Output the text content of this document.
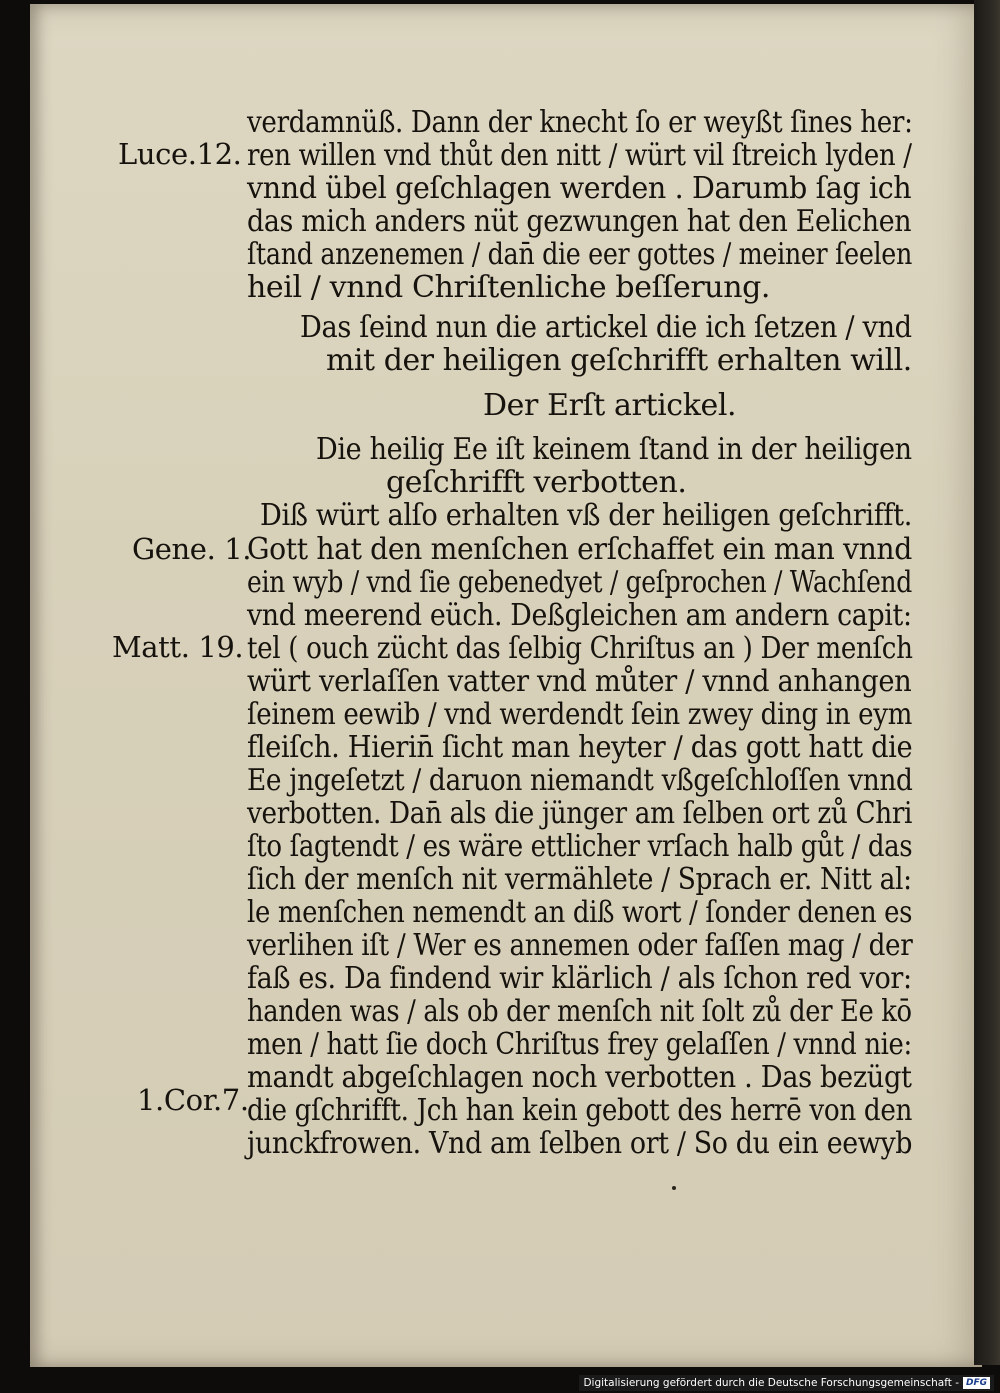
Luce.12.
Gene. 1.
Matt. 19.
1.Cor.7.
verdamnüß. Dann der knecht ſo er weyßt ſines her:
ren willen vnd thůt den nitt / würt vil ſtreich lyden /
vnnd übel geſchlagen werden . Darumb ſag ich
das mich anders nüt gezwungen hat den Eelichen
ſtand anzenemen / dan̄ die eer gottes / meiner ſeelen
heil / vnnd Chriſtenliche beſſerung.
Das ſeind nun die artickel die ich ſetzen / vnd
mit der heiligen geſchrifft erhalten will.
Der Erſt artickel.
Die heilig Ee iſt keinem ſtand in der heiligen
geſchrifft verbotten.
Diß würt alſo erhalten vß der heiligen geſchrifft.
Gott hat den menſchen erſchaffet ein man vnnd
ein wyb / vnd ſie gebenedyet / geſprochen / Wachſend
vnd meerend eüch. Deßgleichen am andern capit:
tel ( ouch zücht das ſelbig Chriſtus an ) Der menſch
würt verlaſſen vatter vnd můter / vnnd anhangen
ſeinem eewib / vnd werdendt ſein zwey ding in eym
fleiſch. Hierin̄ ſicht man heyter / das gott hatt die
Ee jngeſetzt / daruon niemandt vßgeſchloſſen vnnd
verbotten. Dan̄ als die jünger am ſelben ort zů Chri
ſto ſagtendt / es wäre ettlicher vrſach halb gůt / das
ſich der menſch nit vermählete / Sprach er. Nitt al:
le menſchen nemendt an diß wort / ſonder denen es
verlihen iſt / Wer es annemen oder faſſen mag / der
faß es. Da findend wir klärlich / als ſchon red vor:
handen was / als ob der menſch nit ſolt zů der Ee kō
men / hatt ſie doch Chriſtus frey gelaſſen / vnnd nie:
mandt abgeſchlagen noch verbotten . Das bezügt
die gſchrifft. Jch han kein gebott des herrē von den
junckfrowen. Vnd am ſelben ort / So du ein eewyb
Digitalisierung gefördert durch die Deutsche Forschungsgemeinschaft - DFG
